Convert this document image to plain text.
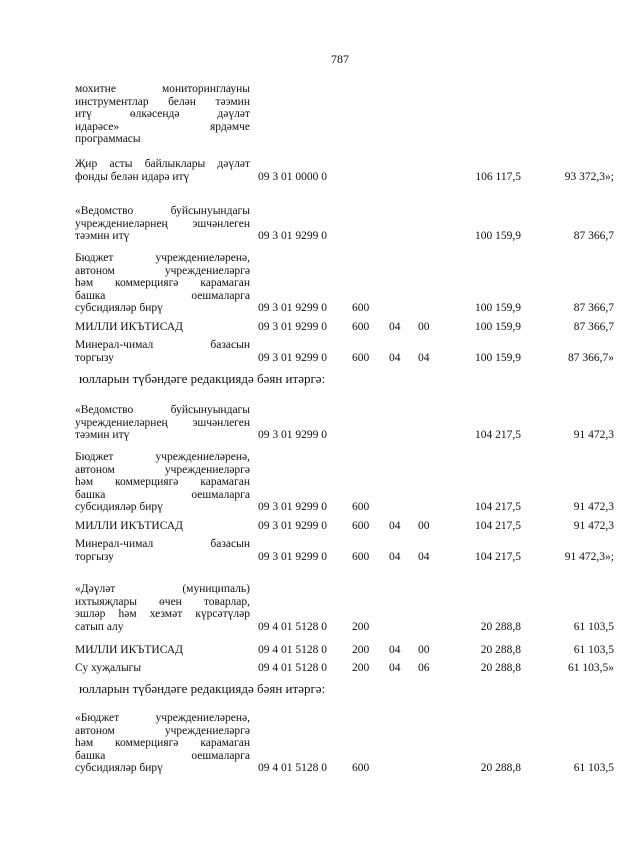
787
мохитне	мониторинглауны
инструментлар белән тәэмин
итү	өлкәсендә	дәүләт
идарәсе»	ярдәмче
программасы
Җир асты байлыклары дәүләт
фонды белән идарә итү	09 3 01 0000 0	106 117,5	93 372,3»;
«Ведомство	буйсынуындагы
учреждениеләрнең эшчәнлеген
тәэмин итү	09 3 01 9299 0	100 159,9	87 366,7
Бюджет	учреждениеләренә,
автоном	учреждениеләргә
һәм коммерциягә карамаган
башка	оешмаларга
субсидияләр бирү	09 3 01 9299 0 600	100 159,9	87 366,7
МИЛЛИ ИКЪТИСАД	09 3 01 9299 0 600 04 00	100 159,9	87 366,7
Минерал-чимал	базасын
торгызу	09 3 01 9299 0 600 04 04	100 159,9	87 366,7»
«Ведомство	буйсынуындагы
учреждениеләрнең эшчәнлеген
тәэмин итү	09 3 01 9299 0	104 217,5	91 472,3
Бюджет	учреждениеләренә,
автоном	учреждениеләргә
һәм коммерциягә карамаган
башка	оешмаларга
субсидияләр бирү	09 3 01 9299 0 600	104 217,5	91 472,3
МИЛЛИ ИКЪТИСАД	09 3 01 9299 0 600 04 00	104 217,5	91 472,3
Минерал-чимал	базасын
торгызу	09 3 01 9299 0 600 04 04	104 217,5	91 472,3»;
«Дәүләт	(муниципаль)
ихтыяҗлары өчен товарлар,
эшләр һәм хезмәт күрсәтүләр
сатып алу	09 4 01 5128 0 200	20 288,8	61 103,5
МИЛЛИ ИКЪТИСАД	09 4 01 5128 0 200 04 00	20 288,8	61 103,5
Су хуҗалыгы	09 4 01 5128 0 200 04 06	20 288,8	61 103,5»
«Бюджет	учреждениеләренә,
автоном	учреждениеләргә
һәм коммерциягә карамаган
башка	оешмаларга
субсидияләр бирү	09 4 01 5128 0 600	20 288,8	61 103,5
юлларын түбәндәге редакциядә бәян итәргә:
юлларын түбәндәге редакциядә бәян итәргә:
